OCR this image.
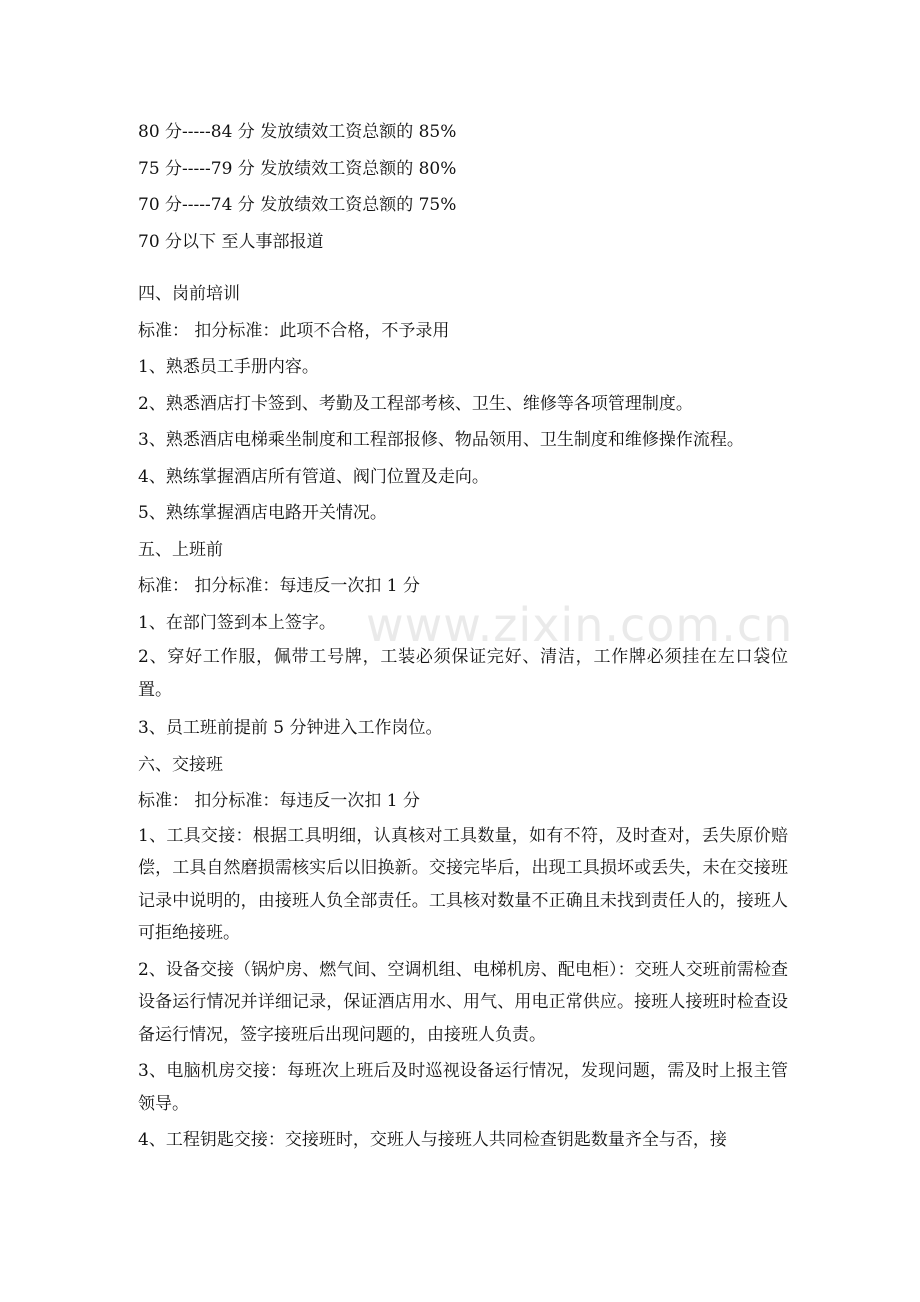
www.zixin.com.cn
80 分-----84 分 发放绩效工资总额的 85%
75 分-----79 分 发放绩效工资总额的 80%
70 分-----74 分 发放绩效工资总额的 75%
70 分以下 至人事部报道
四、岗前培训
标准： 扣分标准：此项不合格，不予录用
1、熟悉员工手册内容。
2、熟悉酒店打卡签到、考勤及工程部考核、卫生、维修等各项管理制度。
3、熟悉酒店电梯乘坐制度和工程部报修、物品领用、卫生制度和维修操作流程。
4、熟练掌握酒店所有管道、阀门位置及走向。
5、熟练掌握酒店电路开关情况。
五、上班前
标准： 扣分标准：每违反一次扣 1 分
1、在部门签到本上签字。
2、穿好工作服，佩带工号牌，工装必须保证完好、清洁，工作牌必须挂在左口袋位置。
3、员工班前提前 5 分钟进入工作岗位。
六、交接班
标准： 扣分标准：每违反一次扣 1 分
1、工具交接：根据工具明细，认真核对工具数量，如有不符，及时查对，丢失原价赔偿，工具自然磨损需核实后以旧换新。交接完毕后，出现工具损坏或丢失，未在交接班记录中说明的，由接班人负全部责任。工具核对数量不正确且未找到责任人的，接班人可拒绝接班。
2、设备交接（锅炉房、燃气间、空调机组、电梯机房、配电柜）：交班人交班前需检查设备运行情况并详细记录，保证酒店用水、用气、用电正常供应。接班人接班时检查设备运行情况，签字接班后出现问题的，由接班人负责。
3、电脑机房交接：每班次上班后及时巡视设备运行情况，发现问题，需及时上报主管领导。
4、工程钥匙交接：交接班时，交班人与接班人共同检查钥匙数量齐全与否，接
